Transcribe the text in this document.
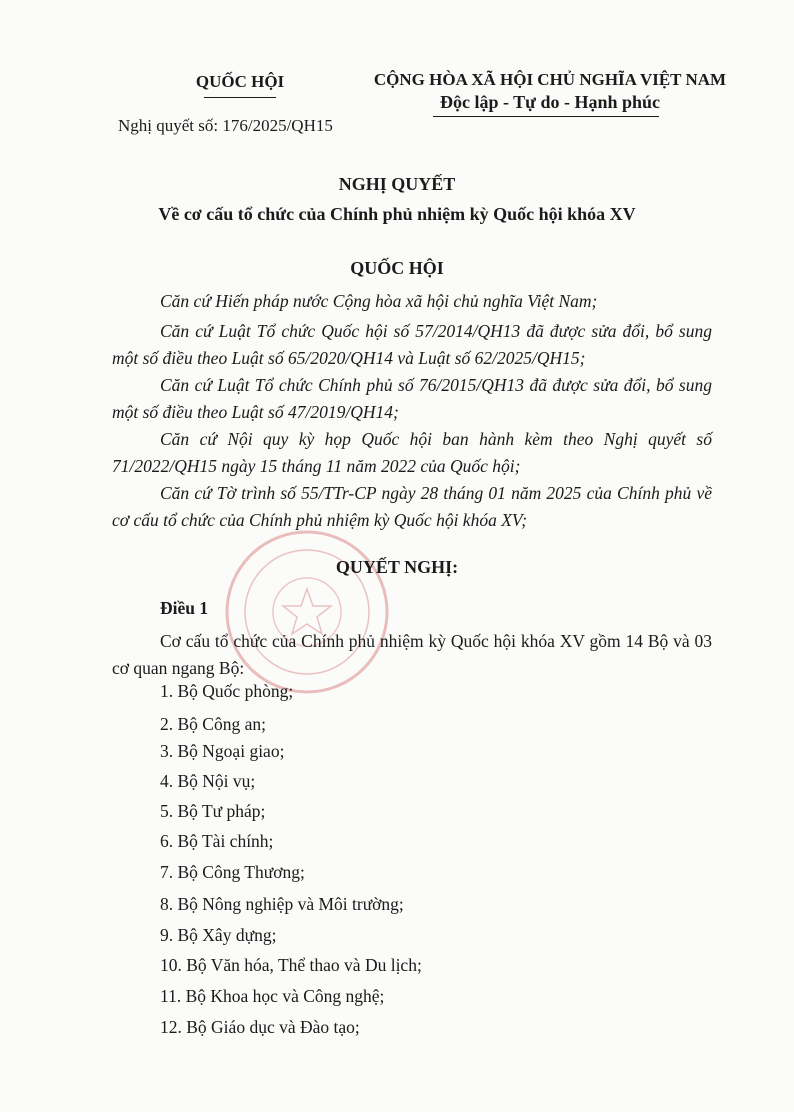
QUỐC HỘI
Nghị quyết số: 176/2025/QH15
CỘNG HÒA XÃ HỘI CHỦ NGHĨA VIỆT NAM
Độc lập - Tự do - Hạnh phúc
NGHỊ QUYẾT
Về cơ cấu tổ chức của Chính phủ nhiệm kỳ Quốc hội khóa XV
QUỐC HỘI
Căn cứ Hiến pháp nước Cộng hòa xã hội chủ nghĩa Việt Nam;
Căn cứ Luật Tổ chức Quốc hội số 57/2014/QH13 đã được sửa đổi, bổ sung một số điều theo Luật số 65/2020/QH14 và Luật số 62/2025/QH15;
Căn cứ Luật Tổ chức Chính phủ số 76/2015/QH13 đã được sửa đổi, bổ sung một số điều theo Luật số 47/2019/QH14;
Căn cứ Nội quy kỳ họp Quốc hội ban hành kèm theo Nghị quyết số 71/2022/QH15 ngày 15 tháng 11 năm 2022 của Quốc hội;
Căn cứ Tờ trình số 55/TTr-CP ngày 28 tháng 01 năm 2025 của Chính phủ về cơ cấu tổ chức của Chính phủ nhiệm kỳ Quốc hội khóa XV;
QUYẾT NGHỊ:
Điều 1
Cơ cấu tổ chức của Chính phủ nhiệm kỳ Quốc hội khóa XV gồm 14 Bộ và 03 cơ quan ngang Bộ:
1. Bộ Quốc phòng;
2. Bộ Công an;
3. Bộ Ngoại giao;
4. Bộ Nội vụ;
5. Bộ Tư pháp;
6. Bộ Tài chính;
7. Bộ Công Thương;
8. Bộ Nông nghiệp và Môi trường;
9. Bộ Xây dựng;
10. Bộ Văn hóa, Thể thao và Du lịch;
11. Bộ Khoa học và Công nghệ;
12. Bộ Giáo dục và Đào tạo;
